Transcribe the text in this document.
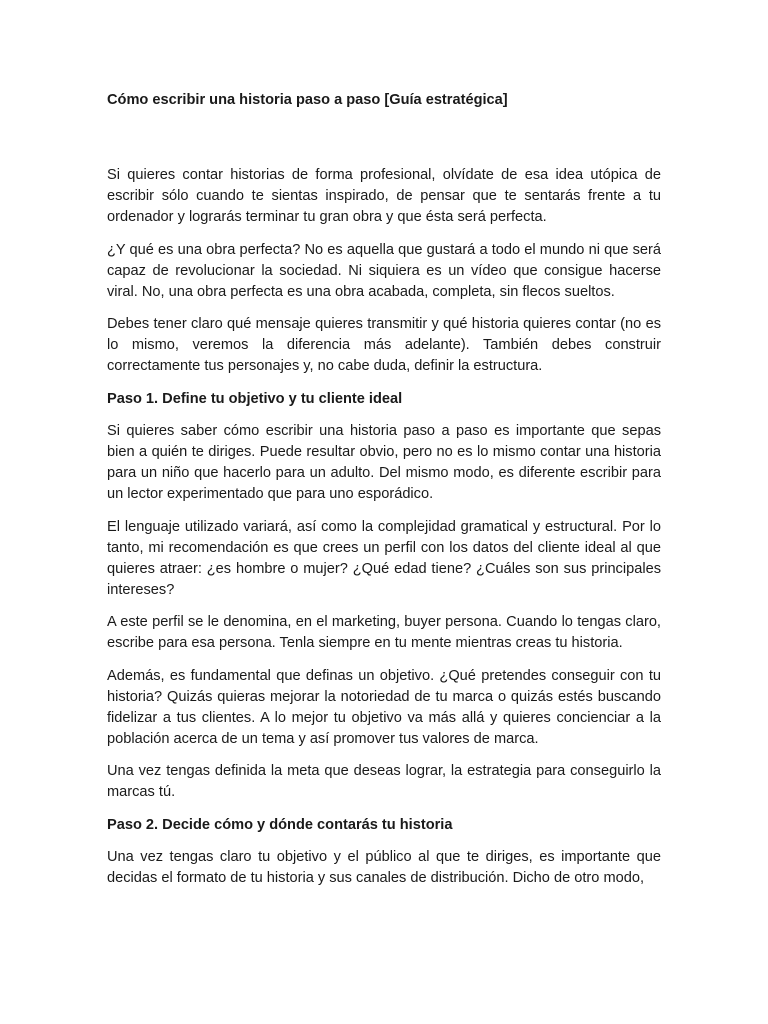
Cómo escribir una historia paso a paso [Guía estratégica]

Si quieres contar historias de forma profesional, olvídate de esa idea utópica de escribir sólo cuando te sientas inspirado, de pensar que te sentarás frente a tu ordenador y lograrás terminar tu gran obra y que ésta será perfecta.

¿Y qué es una obra perfecta? No es aquella que gustará a todo el mundo ni que será capaz de revolucionar la sociedad. Ni siquiera es un vídeo que consigue hacerse viral. No, una obra perfecta es una obra acabada, completa, sin flecos sueltos.

Debes tener claro qué mensaje quieres transmitir y qué historia quieres contar (no es lo mismo, veremos la diferencia más adelante). También debes construir correctamente tus personajes y, no cabe duda, definir la estructura.

Paso 1. Define tu objetivo y tu cliente ideal

Si quieres saber cómo escribir una historia paso a paso es importante que sepas bien a quién te diriges. Puede resultar obvio, pero no es lo mismo contar una historia para un niño que hacerlo para un adulto. Del mismo modo, es diferente escribir para un lector experimentado que para uno esporádico.

El lenguaje utilizado variará, así como la complejidad gramatical y estructural. Por lo tanto, mi recomendación es que crees un perfil con los datos del cliente ideal al que quieres atraer: ¿es hombre o mujer? ¿Qué edad tiene? ¿Cuáles son sus principales intereses?

A este perfil se le denomina, en el marketing, buyer persona. Cuando lo tengas claro, escribe para esa persona. Tenla siempre en tu mente mientras creas tu historia.

Además, es fundamental que definas un objetivo. ¿Qué pretendes conseguir con tu historia? Quizás quieras mejorar la notoriedad de tu marca o quizás estés buscando fidelizar a tus clientes. A lo mejor tu objetivo va más allá y quieres concienciar a la población acerca de un tema y así promover tus valores de marca.

Una vez tengas definida la meta que deseas lograr, la estrategia para conseguirlo la marcas tú.

Paso 2. Decide cómo y dónde contarás tu historia

Una vez tengas claro tu objetivo y el público al que te diriges, es importante que decidas el formato de tu historia y sus canales de distribución. Dicho de otro modo,
